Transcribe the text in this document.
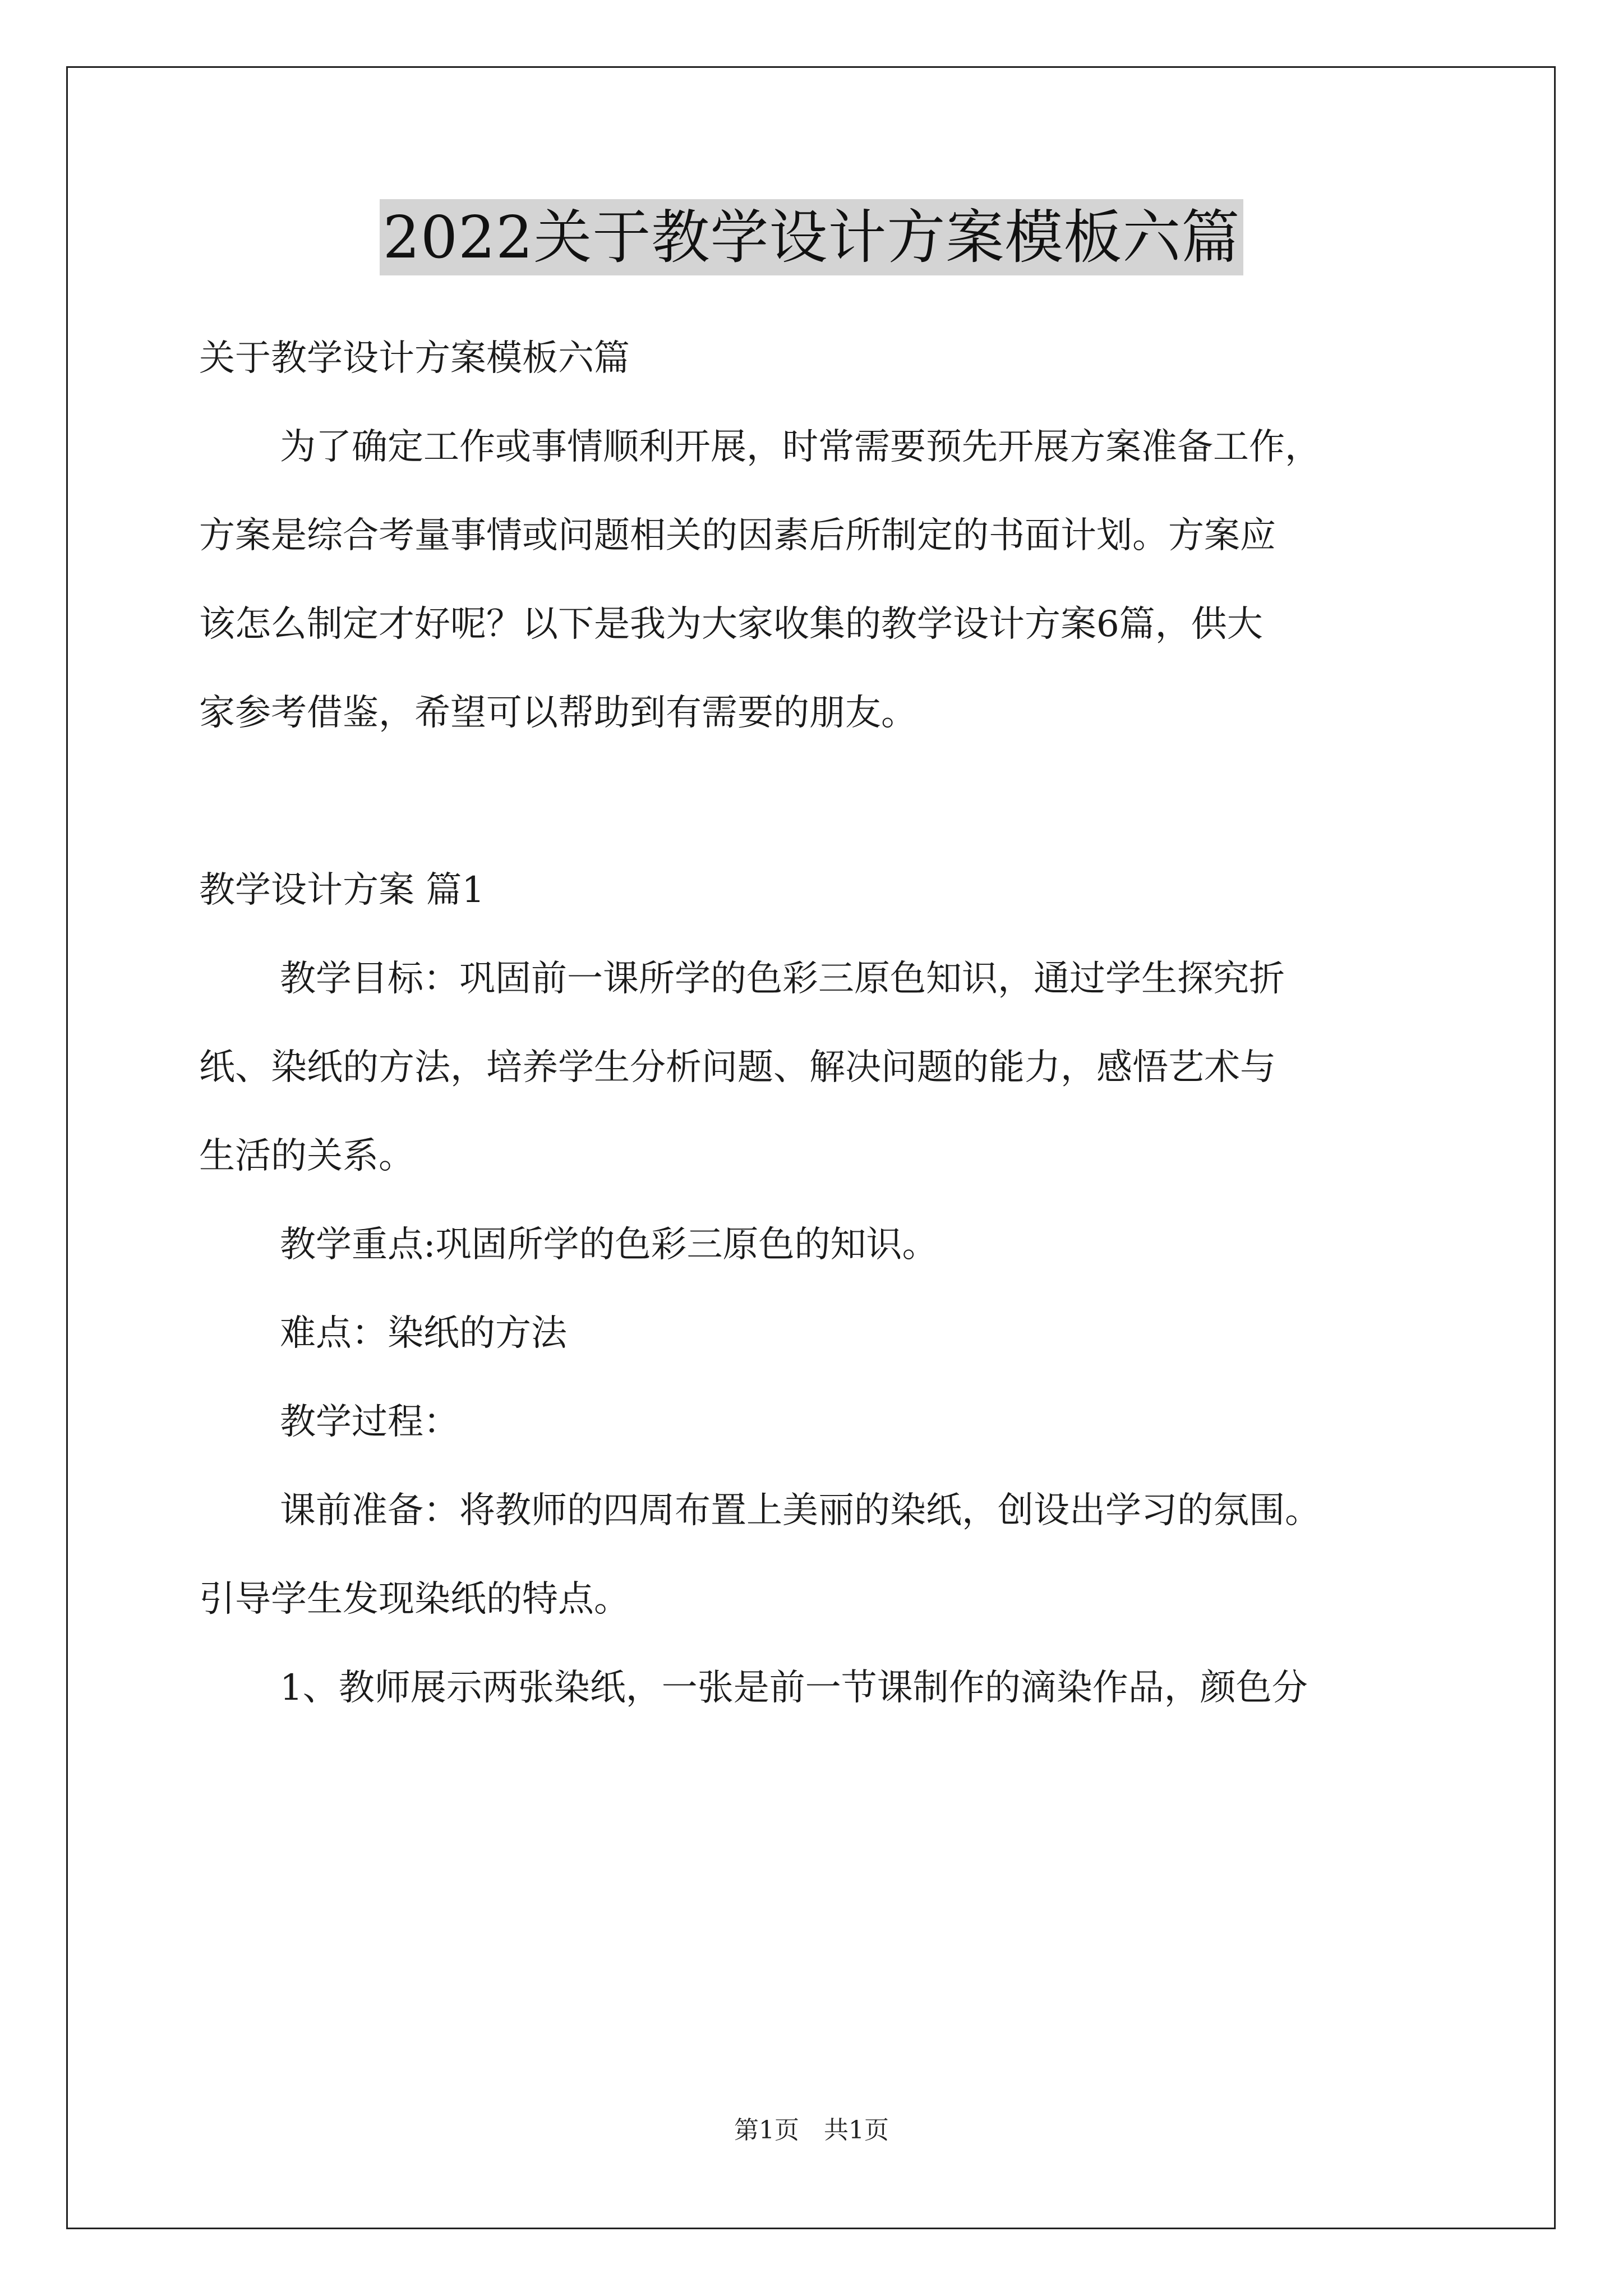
2022关于教学设计方案模板六篇

关于教学设计方案模板六篇

为了确定工作或事情顺利开展，时常需要预先开展方案准备工作，

方案是综合考量事情或问题相关的因素后所制定的书面计划。方案应

该怎么制定才好呢？以下是我为大家收集的教学设计方案6篇，供大

家参考借鉴，希望可以帮助到有需要的朋友。

教学设计方案 篇1

教学目标：巩固前一课所学的色彩三原色知识，通过学生探究折

纸、染纸的方法，培养学生分析问题、解决问题的能力，感悟艺术与

生活的关系。

教学重点:巩固所学的色彩三原色的知识。

难点：染纸的方法

教学过程：

课前准备：将教师的四周布置上美丽的染纸，创设出学习的氛围。

引导学生发现染纸的特点。

1、教师展示两张染纸，一张是前一节课制作的滴染作品，颜色分

第1页　共1页
